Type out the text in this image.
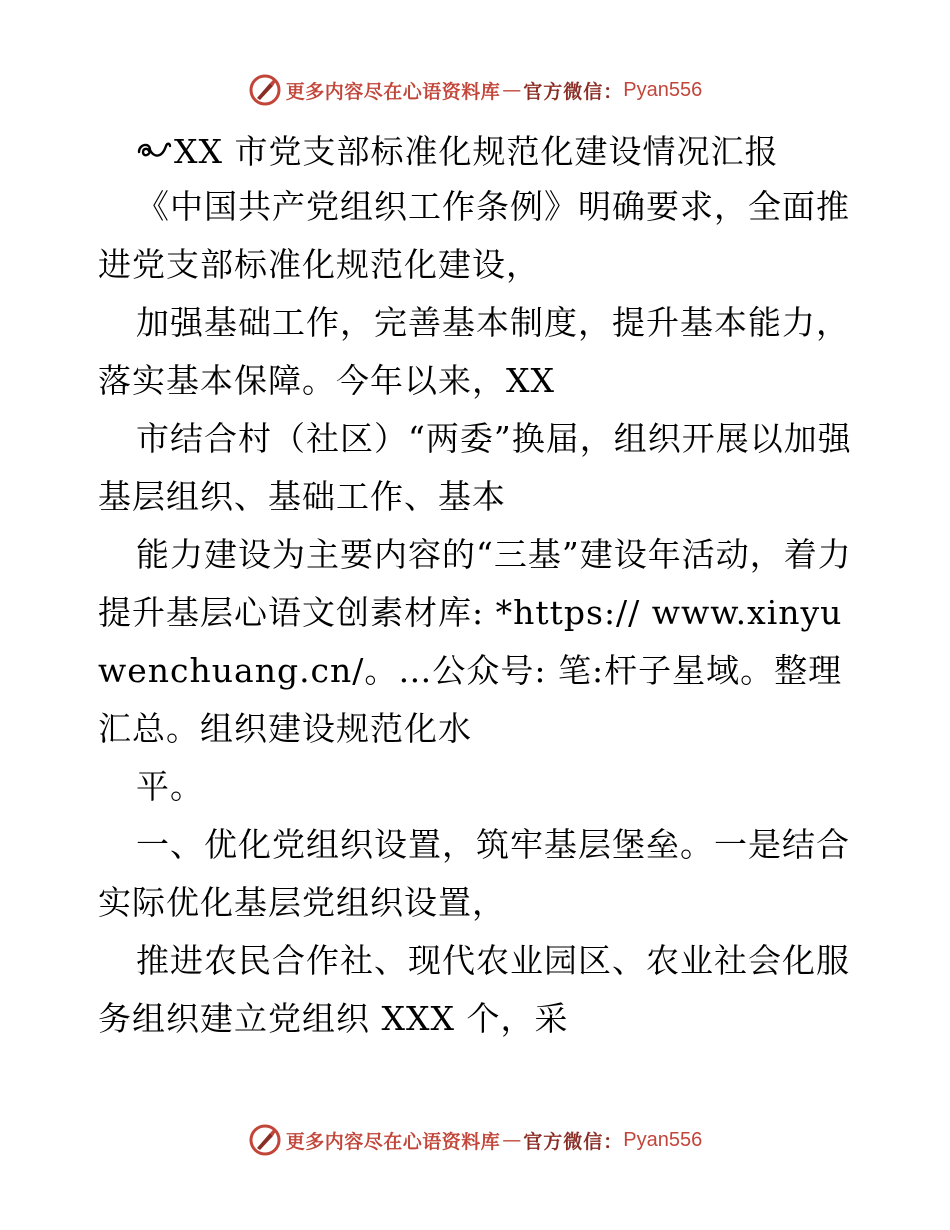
更多内容尽在心语资料库 — 官方微信： Pyan556
XX 市党支部标准化规范化建设情况汇报

《中国共产党组织工作条例》明确要求，全面推进党支部标准化规范化建设，

加强基础工作，完善基本制度，提升基本能力，落实基本保障。今年以来，XX

市结合村（社区）“两委”换届，组织开展以加强基层组织、基础工作、基本

能力建设为主要内容的“三基”建设年活动，着力提升基层心语文创素材库: *https:// www.xinyuwenchuang.cn/。…公众号: 笔:杆子星域。整理汇总。组织建设规范化水

平。

一、优化党组织设置，筑牢基层堡垒。一是结合实际优化基层党组织设置，

推进农民合作社、现代农业园区、农业社会化服务组织建立党组织 XXX 个，采

更多内容尽在心语资料库 — 官方微信： Pyan556
